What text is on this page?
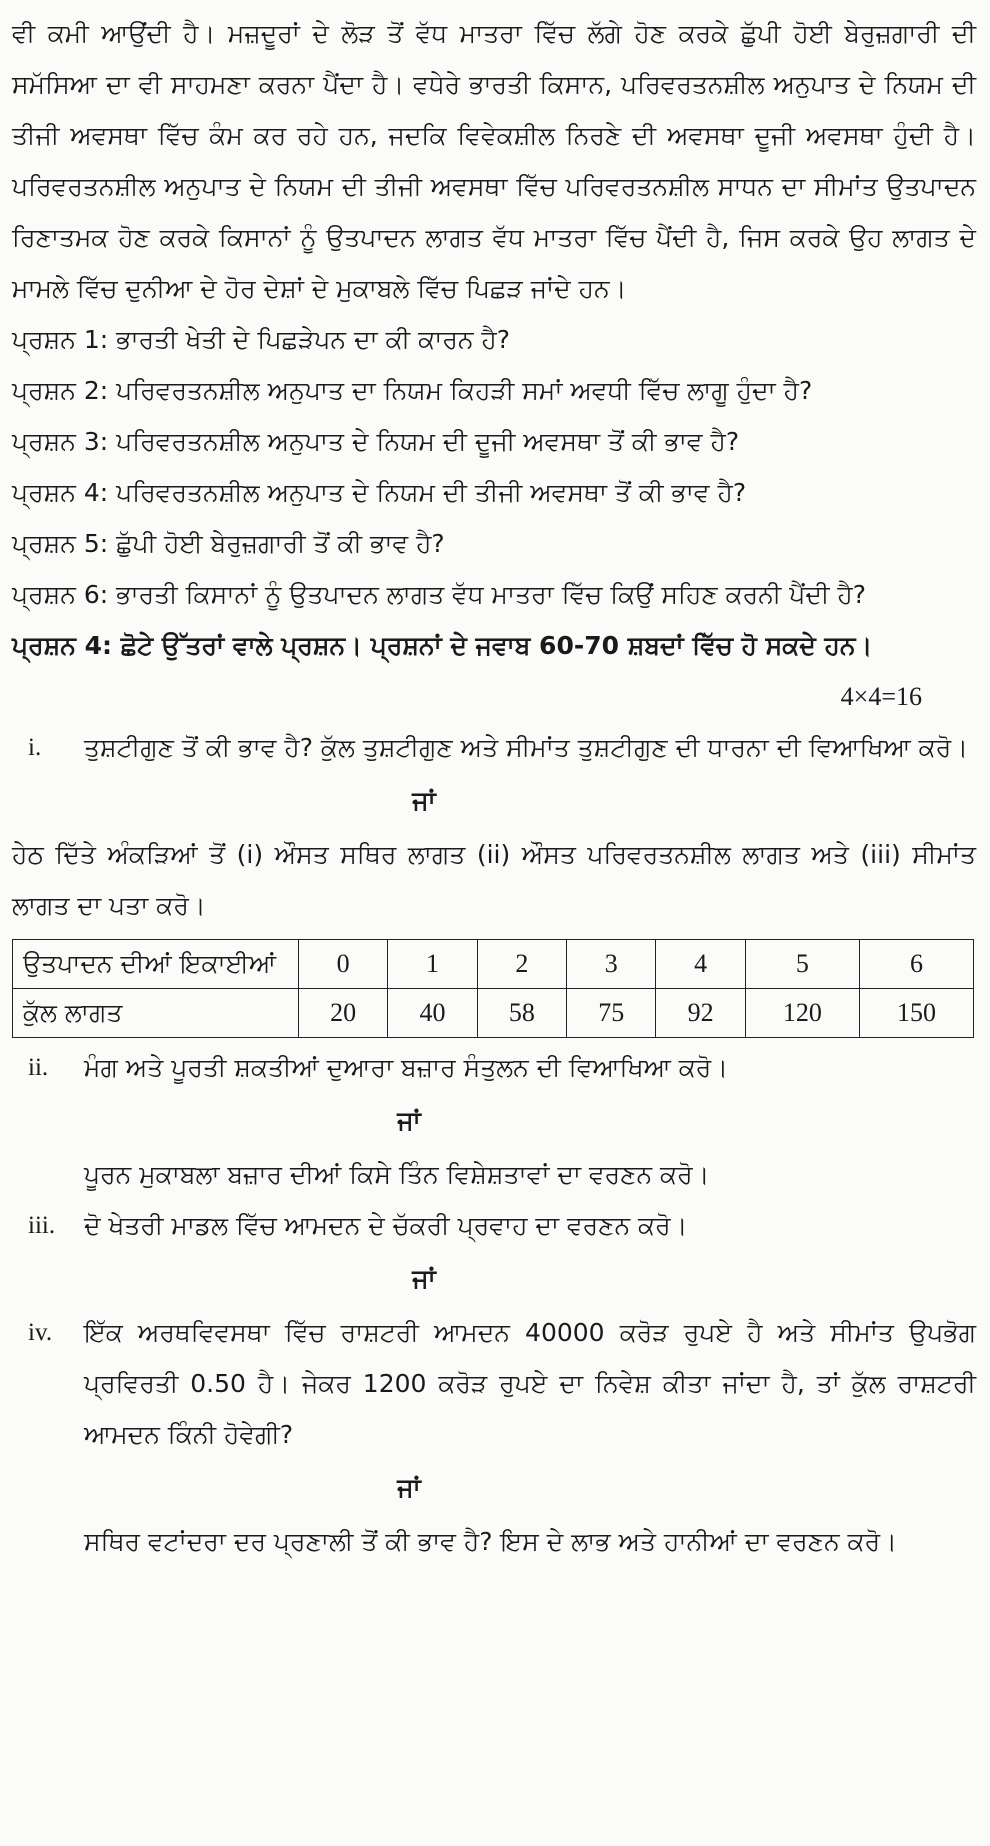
ਵੀ ਕਮੀ ਆਉਂਦੀ ਹੈ। ਮਜ਼ਦੂਰਾਂ ਦੇ ਲੋੜ ਤੋਂ ਵੱਧ ਮਾਤਰਾ ਵਿੱਚ ਲੱਗੇ ਹੋਣ ਕਰਕੇ ਛੁੱਪੀ ਹੋਈ ਬੇਰੁਜ਼ਗਾਰੀ ਦੀ ਸਮੱਸਿਆ ਦਾ ਵੀ ਸਾਹਮਣਾ ਕਰਨਾ ਪੈਂਦਾ ਹੈ। ਵਧੇਰੇ ਭਾਰਤੀ ਕਿਸਾਨ, ਪਰਿਵਰਤਨਸ਼ੀਲ ਅਨੁਪਾਤ ਦੇ ਨਿਯਮ ਦੀ ਤੀਜੀ ਅਵਸਥਾ ਵਿੱਚ ਕੰਮ ਕਰ ਰਹੇ ਹਨ, ਜਦਕਿ ਵਿਵੇਕਸ਼ੀਲ ਨਿਰਣੇ ਦੀ ਅਵਸਥਾ ਦੂਜੀ ਅਵਸਥਾ ਹੁੰਦੀ ਹੈ। ਪਰਿਵਰਤਨਸ਼ੀਲ ਅਨੁਪਾਤ ਦੇ ਨਿਯਮ ਦੀ ਤੀਜੀ ਅਵਸਥਾ ਵਿੱਚ ਪਰਿਵਰਤਨਸ਼ੀਲ ਸਾਧਨ ਦਾ ਸੀਮਾਂਤ ਉਤਪਾਦਨ ਰਿਣਾਤਮਕ ਹੋਣ ਕਰਕੇ ਕਿਸਾਨਾਂ ਨੂੰ ਉਤਪਾਦਨ ਲਾਗਤ ਵੱਧ ਮਾਤਰਾ ਵਿੱਚ ਪੈਂਦੀ ਹੈ, ਜਿਸ ਕਰਕੇ ਉਹ ਲਾਗਤ ਦੇ ਮਾਮਲੇ ਵਿੱਚ ਦੁਨੀਆ ਦੇ ਹੋਰ ਦੇਸ਼ਾਂ ਦੇ ਮੁਕਾਬਲੇ ਵਿੱਚ ਪਿਛੜ ਜਾਂਦੇ ਹਨ।

ਪ੍ਰਸ਼ਨ 1: ਭਾਰਤੀ ਖੇਤੀ ਦੇ ਪਿਛੜੇਪਨ ਦਾ ਕੀ ਕਾਰਨ ਹੈ?

ਪ੍ਰਸ਼ਨ 2: ਪਰਿਵਰਤਨਸ਼ੀਲ ਅਨੁਪਾਤ ਦਾ ਨਿਯਮ ਕਿਹੜੀ ਸਮਾਂ ਅਵਧੀ ਵਿੱਚ ਲਾਗੂ ਹੁੰਦਾ ਹੈ?

ਪ੍ਰਸ਼ਨ 3: ਪਰਿਵਰਤਨਸ਼ੀਲ ਅਨੁਪਾਤ ਦੇ ਨਿਯਮ ਦੀ ਦੂਜੀ ਅਵਸਥਾ ਤੋਂ ਕੀ ਭਾਵ ਹੈ?

ਪ੍ਰਸ਼ਨ 4: ਪਰਿਵਰਤਨਸ਼ੀਲ ਅਨੁਪਾਤ ਦੇ ਨਿਯਮ ਦੀ ਤੀਜੀ ਅਵਸਥਾ ਤੋਂ ਕੀ ਭਾਵ ਹੈ?

ਪ੍ਰਸ਼ਨ 5: ਛੁੱਪੀ ਹੋਈ ਬੇਰੁਜ਼ਗਾਰੀ ਤੋਂ ਕੀ ਭਾਵ ਹੈ?

ਪ੍ਰਸ਼ਨ 6: ਭਾਰਤੀ ਕਿਸਾਨਾਂ ਨੂੰ ਉਤਪਾਦਨ ਲਾਗਤ ਵੱਧ ਮਾਤਰਾ ਵਿੱਚ ਕਿਉਂ ਸਹਿਣ ਕਰਨੀ ਪੈਂਦੀ ਹੈ?

ਪ੍ਰਸ਼ਨ 4: ਛੋਟੇ ਉੱਤਰਾਂ ਵਾਲੇ ਪ੍ਰਸ਼ਨ। ਪ੍ਰਸ਼ਨਾਂ ਦੇ ਜਵਾਬ 60-70 ਸ਼ਬਦਾਂ ਵਿੱਚ ਹੋ ਸਕਦੇ ਹਨ।

4×4=16

i.	ਤੁਸ਼ਟੀਗੁਣ ਤੋਂ ਕੀ ਭਾਵ ਹੈ? ਕੁੱਲ ਤੁਸ਼ਟੀਗੁਣ ਅਤੇ ਸੀਮਾਂਤ ਤੁਸ਼ਟੀਗੁਣ ਦੀ ਧਾਰਨਾ ਦੀ ਵਿਆਖਿਆ ਕਰੋ।
ਜਾਂ
ਹੇਠ ਦਿੱਤੇ ਅੰਕੜਿਆਂ ਤੋਂ (i) ਔਸਤ ਸਥਿਰ ਲਾਗਤ (ii) ਔਸਤ ਪਰਿਵਰਤਨਸ਼ੀਲ ਲਾਗਤ ਅਤੇ (iii) ਸੀਮਾਂਤ ਲਾਗਤ ਦਾ ਪਤਾ ਕਰੋ।
ਉਤਪਾਦਨ ਦੀਆਂ ਇਕਾਈਆਂ	0	1	2	3	4	5	6
ਕੁੱਲ ਲਾਗਤ	20	40	58	75	92	120	150
ii.	ਮੰਗ ਅਤੇ ਪੂਰਤੀ ਸ਼ਕਤੀਆਂ ਦੁਆਰਾ ਬਜ਼ਾਰ ਸੰਤੁਲਨ ਦੀ ਵਿਆਖਿਆ ਕਰੋ।
ਜਾਂ
ਪੂਰਨ ਮੁਕਾਬਲਾ ਬਜ਼ਾਰ ਦੀਆਂ ਕਿਸੇ ਤਿੰਨ ਵਿਸ਼ੇਸ਼ਤਾਵਾਂ ਦਾ ਵਰਣਨ ਕਰੋ।
iii.	ਦੋ ਖੇਤਰੀ ਮਾਡਲ ਵਿੱਚ ਆਮਦਨ ਦੇ ਚੱਕਰੀ ਪ੍ਰਵਾਹ ਦਾ ਵਰਣਨ ਕਰੋ।
ਜਾਂ
iv.	ਇੱਕ ਅਰਥਵਿਵਸਥਾ ਵਿੱਚ ਰਾਸ਼ਟਰੀ ਆਮਦਨ 40000 ਕਰੋੜ ਰੁਪਏ ਹੈ ਅਤੇ ਸੀਮਾਂਤ ਉਪਭੋਗ ਪ੍ਰਵਿਰਤੀ 0.50 ਹੈ। ਜੇਕਰ 1200 ਕਰੋੜ ਰੁਪਏ ਦਾ ਨਿਵੇਸ਼ ਕੀਤਾ ਜਾਂਦਾ ਹੈ, ਤਾਂ ਕੁੱਲ ਰਾਸ਼ਟਰੀ ਆਮਦਨ ਕਿੰਨੀ ਹੋਵੇਗੀ?
ਜਾਂ
ਸਥਿਰ ਵਟਾਂਦਰਾ ਦਰ ਪ੍ਰਣਾਲੀ ਤੋਂ ਕੀ ਭਾਵ ਹੈ? ਇਸ ਦੇ ਲਾਭ ਅਤੇ ਹਾਨੀਆਂ ਦਾ ਵਰਣਨ ਕਰੋ।
